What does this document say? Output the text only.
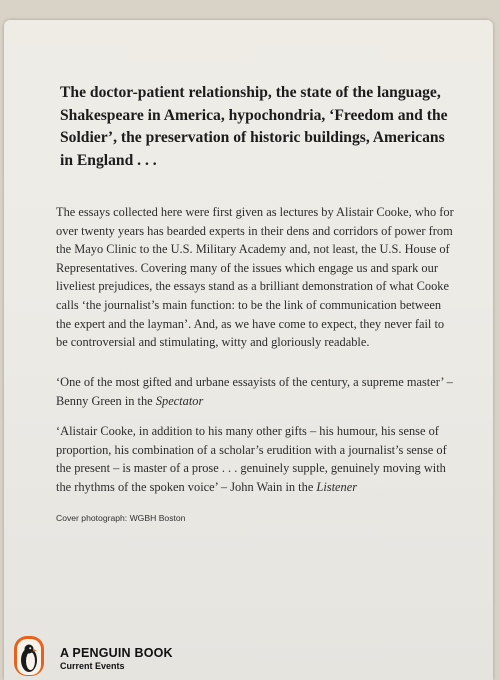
The doctor-patient relationship, the state of the language, Shakespeare in America, hypochondria, ‘Freedom and the Soldier’, the preservation of historic buildings, Americans in England . . .

The essays collected here were first given as lectures by Alistair Cooke, who for over twenty years has bearded experts in their dens and corridors of power from the Mayo Clinic to the U.S. Military Academy and, not least, the U.S. House of Representatives. Covering many of the issues which engage us and spark our liveliest prejudices, the essays stand as a brilliant demonstration of what Cooke calls ‘the journalist’s main function: to be the link of communication between the expert and the layman’. And, as we have come to expect, they never fail to be controversial and stimulating, witty and gloriously readable.

‘One of the most gifted and urbane essayists of the century, a supreme master’ – Benny Green in the Spectator

‘Alistair Cooke, in addition to his many other gifts – his humour, his sense of proportion, his combination of a scholar’s erudition with a journalist’s sense of the present – is master of a prose . . . genuinely supple, genuinely moving with the rhythms of the spoken voice’ – John Wain in the Listener

Cover photograph: WGBH Boston

A PENGUIN BOOK
Current Events
